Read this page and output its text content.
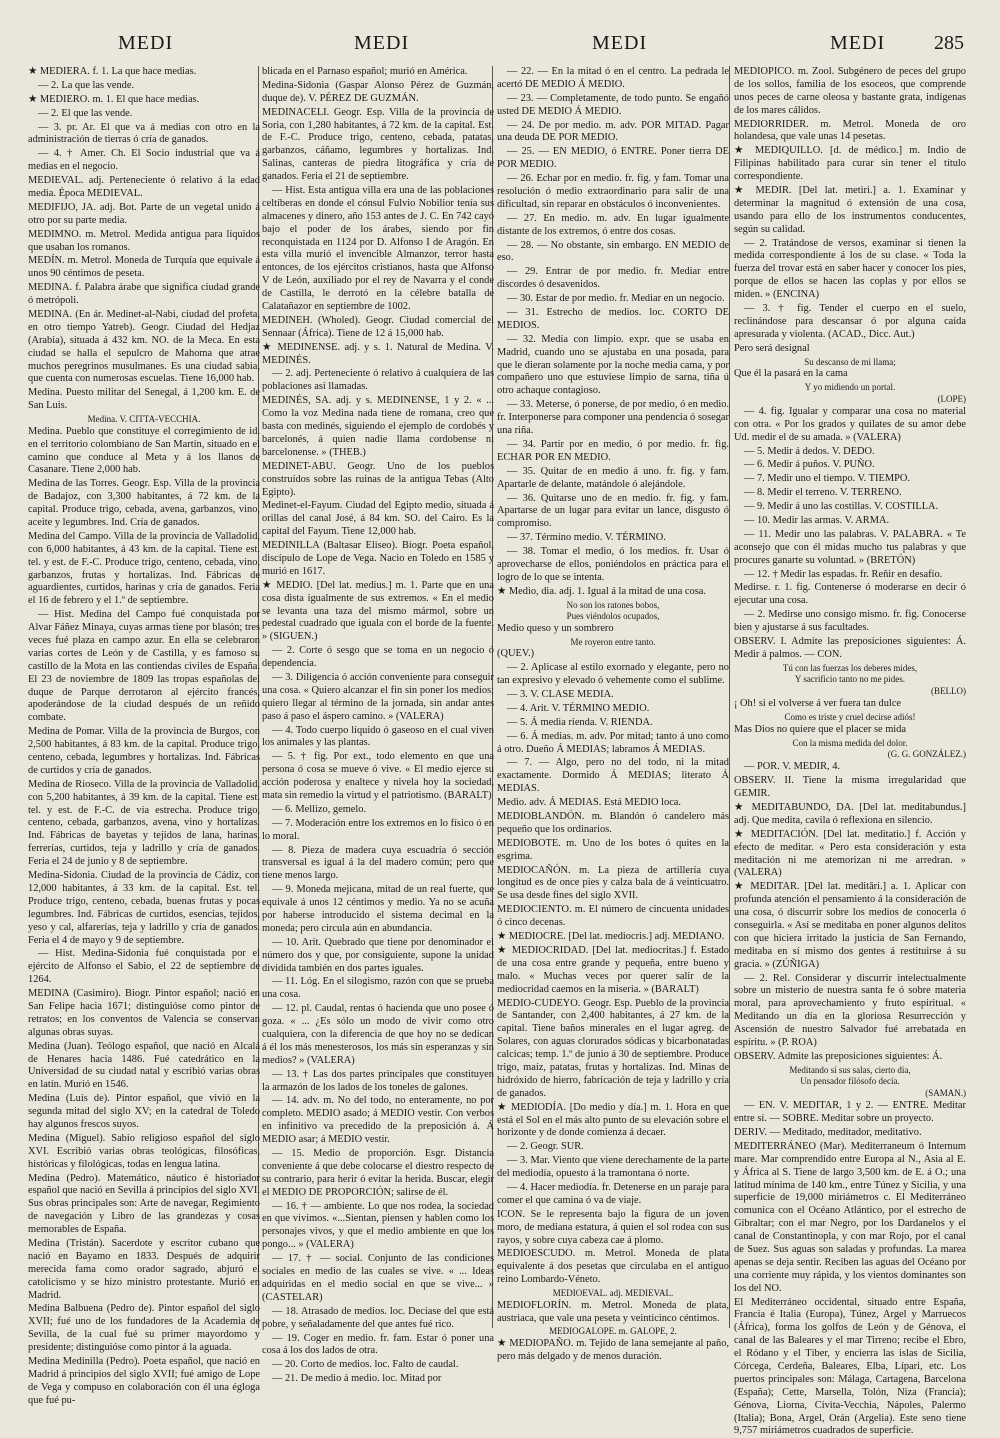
MEDI	MEDI	MEDI	MEDI 285

★ MEDIERA. f. 1. La que hace medias.

— 2. La que las vende.

★ MEDIERO. m. 1. El que hace medias.

— 2. El que las vende.

— 3. pr. Ar. El que va á medias con otro en la administración de tierras ó cría de ganados.

— 4. † Amer. Ch. El Socio industrial que va á medias en el negocio.

MEDIEVAL. adj. Perteneciente ó relativo á la edad media. Época MEDIEVAL.

MEDIFIJO, JA. adj. Bot. Parte de un vegetal unido á otro por su parte media.

MEDIMNO. m. Metrol. Medida antigua para líquidos que usaban los romanos.

MEDÍN. m. Metrol. Moneda de Turquía que equivale á unos 90 céntimos de peseta.

MEDINA. f. Palabra árabe que significa ciudad grande ó metrópoli.

MEDINA. (En ár. Medinet-al-Nabi, ciudad del profeta, en otro tiempo Yatreb). Geogr. Ciudad del Hedjaz (Arabia), situada á 432 km. NO. de la Meca. En esta ciudad se halla el sepulcro de Mahoma que atrae muchos peregrinos musulmanes. Es una ciudad sabia, que cuenta con numerosas escuelas. Tiene 16,000 hab.

Medina. Puesto militar del Senegal, á 1,200 km. E. de San Luis.

Medina. V. CITTA-VECCHIA.

Medina. Pueblo que constituye el corregimiento de id. en el territorio colombiano de San Martín, situado en el camino que conduce al Meta y á los llanos de Casanare. Tiene 2,000 hab.

Medina de las Torres. Geogr. Esp. Villa de la provincia de Badajoz, con 3,300 habitantes, á 72 km. de la capital. Produce trigo, cebada, avena, garbanzos, vino, aceite y legumbres. Ind. Cría de ganados.

Medina del Campo. Villa de la provincia de Valladolid, con 6,000 habitantes, á 43 km. de la capital. Tiene est. tel. y est. de F.-C. Produce trigo, centeno, cebada, vino, garbanzos, frutas y hortalizas. Ind. Fábricas de aguardientes, curtidos, harinas y cría de ganados. Feria el 16 de febrero y el 1.º de septiembre.

— Hist. Medina del Campo fué conquistada por Alvar Fáñez Minaya, cuyas armas tiene por blasón; tres veces fué plaza en campo azur. En ella se celebraron varias cortes de León y de Castilla, y es famoso su castillo de la Mota en las contiendas civiles de España. El 23 de noviembre de 1809 las tropas españolas del duque de Parque derrotaron al ejército francés, apoderándose de la ciudad después de un reñido combate.

Medina de Pomar. Villa de la provincia de Burgos, con 2,500 habitantes, á 83 km. de la capital. Produce trigo, centeno, cebada, legumbres y hortalizas. Ind. Fábricas de curtidos y cría de ganados.

Medina de Rioseco. Villa de la provincia de Valladolid, con 5,200 habitantes, á 39 km. de la capital. Tiene est. tel. y est. de F.-C. de vía estrecha. Produce trigo, centeno, cebada, garbanzos, avena, vino y hortalizas. Ind. Fábricas de bayetas y tejidos de lana, harinas, ferrerías, curtidos, teja y ladrillo y cría de ganados. Feria el 24 de junio y 8 de septiembre.

Medina-Sidonia. Ciudad de la provincia de Cádiz, con 12,000 habitantes, á 33 km. de la capital. Est. tel. Produce trigo, centeno, cebada, buenas frutas y pocas legumbres. Ind. Fábricas de curtidos, esencias, tejidos, yeso y cal, alfarerías, teja y ladrillo y cría de ganados. Feria el 4 de mayo y 9 de septiembre.

— Hist. Medina-Sidonia fué conquistada por el ejército de Alfonso el Sabio, el 22 de septiembre de 1264.

MEDINA (Casimiro). Biogr. Pintor español; nació en San Felipe hacia 1671; distinguióse como pintor de retratos; en los conventos de Valencia se conservan algunas obras suyas.

Medina (Juan). Teólogo español, que nació en Alcalá de Henares hacia 1486. Fué catedrático en la Universidad de su ciudad natal y escribió varias obras en latín. Murió en 1546.

Medina (Luis de). Pintor español, que vivió en la segunda mitad del siglo XV; en la catedral de Toledo hay algunos frescos suyos.

Medina (Miguel). Sabio religioso español del siglo XVI. Escribió varias obras teológicas, filosóficas, históricas y filológicas, todas en lengua latina.

Medina (Pedro). Matemático, náutico é historiador español que nació en Sevilla á principios del siglo XVI. Sus obras principales son: Arte de navegar, Regimiento de navegación y Libro de las grandezas y cosas memorables de España.

Medina (Tristán). Sacerdote y escritor cubano que nació en Bayamo en 1833. Después de adquirir merecida fama como orador sagrado, abjuró el catolicismo y se hizo ministro protestante. Murió en Madrid.

Medina Balbuena (Pedro de). Pintor español del siglo XVII; fué uno de los fundadores de la Academia de Sevilla, de la cual fué su primer mayordomo y presidente; distinguióse como pintor á la aguada.

Medina Medinilla (Pedro). Poeta español, que nació en Madrid á principios del siglo XVII; fué amigo de Lope de Vega y compuso en colaboración con él una égloga que fué pu-

blicada en el Parnaso español; murió en América.

Medina-Sidonia (Gaspar Alonso Pérez de Guzmán, duque de). V. PÉREZ DE GUZMÁN.

MEDINACELI. Geogr. Esp. Villa de la provincia de Soria, con 1,280 habitantes, á 72 km. de la capital. Est. de F.-C. Produce trigo, centeno, cebada, patatas, garbanzos, cáñamo, legumbres y hortalizas. Ind. Salinas, canteras de piedra litográfica y cría de ganados. Feria el 21 de septiembre.

— Hist. Esta antigua villa era una de las poblaciones celtíberas en donde el cónsul Fulvio Nobilior tenía sus almacenes y dinero, año 153 antes de J. C. En 742 cayó bajo el poder de los árabes, siendo por fin reconquistada en 1124 por D. Alfonso I de Aragón. En esta villa murió el invencible Almanzor, terror hasta entonces, de los ejércitos cristianos, hasta que Alfonso V de León, auxiliado por el rey de Navarra y el conde de Castilla, le derrotó en la célebre batalla de Calatañazor en septiembre de 1002.

MEDINEH. (Wholed). Geogr. Ciudad comercial del Sennaar (África). Tiene de 12 á 15,000 hab.

★ MEDINENSE. adj. y s. 1. Natural de Medina. V. MEDINÉS.

— 2. adj. Perteneciente ó relativo á cualquiera de las poblaciones así llamadas.

MEDINÉS, SA. adj. y s. MEDINENSE, 1 y 2. « ... Como la voz Medina nada tiene de romana, creo que basta con medinés, siguiendo el ejemplo de cordobés y barcelonés, á quien nadie llama cordobense ni barcelonense. » (THEB.)

MEDINET-ABU. Geogr. Uno de los pueblos construídos sobre las ruinas de la antigua Tebas (Alto Egipto).

Medinet-el-Fayum. Ciudad del Egipto medio, situada á orillas del canal José, á 84 km. SO. del Cairo. Es la capital del Fayum. Tiene 12,000 hab.

MEDINILLA (Baltasar Eliseo). Biogr. Poeta español, discípulo de Lope de Vega. Nacio en Toledo en 1585 y murió en 1617.

★ MEDIO. [Del lat. medius.] m. 1. Parte que en una cosa dista igualmente de sus extremos. « En el medio se levanta una taza del mismo mármol, sobre un pedestal cuadrado que iguala con el borde de la fuente. » (SIGUEN.)

— 2. Corte ó sesgo que se toma en un negocio ó dependencia.

— 3. Diligencia ó acción conveniente para conseguir una cosa. « Quiero alcanzar el fin sin poner los medios; quiero llegar al término de la jornada, sin andar antes paso á paso el áspero camino. » (VALERA)

— 4. Todo cuerpo líquido ó gaseoso en el cual viven los animales y las plantas.

— 5. † fig. Por ext., todo elemento en que una persona ó cosa se mueve ó vive. « El medio ejerce su acción poderosa y enaltece y nivela hoy la sociedad, mata sin remedio la virtud y el patriotismo. (BARALT)

— 6. Mellizo, gemelo.

— 7. Moderación entre los extremos en lo físico ó en lo moral.

— 8. Pieza de madera cuya escuadría ó sección transversal es igual á la del madero común; pero que tiene menos largo.

— 9. Moneda mejicana, mitad de un real fuerte, que equivale á unos 12 céntimos y medio. Ya no se acuña por haberse introducido el sistema decimal en la moneda; pero circula aún en abundancia.

— 10. Arit. Quebrado que tiene por denominador el número dos y que, por consiguiente, supone la unidad dividida también en dos partes iguales.

— 11. Lóg. En el silogismo, razón con que se prueba una cosa.

— 12. pl. Caudal, rentas ó hacienda que uno posee ó goza. « ... ¿Es sólo un modo de vivir como otro cualquiera, con la diferencia de que hoy no se dedican á él los más menesterosos, los más sin esperanzas y sin medios? » (VALERA)

— 13. † Las dos partes principales que constituyen la armazón de los lados de los toneles de galones.

— 14. adv. m. No del todo, no enteramente, no por completo. MEDIO asado; á MEDIO vestir. Con verbos en infinitivo va precedido de la preposición á. Á MEDIO asar; á MEDIO vestir.

— 15. Medio de proporción. Esgr. Distancia conveniente á que debe colocarse el diestro respecto de su contrario, para herir ó evitar la herida. Buscar, elegir el MEDIO DE PROPORCIÓN; salirse de él.

— 16. † — ambiente. Lo que nos rodea, la sociedad en que vivimos. «...Sientan, piensen y hablen como los personajes vivos, y que el medio ambiente en que los pongo... » (VALERA)

— 17. † — social. Conjunto de las condiciones sociales en medio de las cuales se vive. « ... Ideas adquiridas en el medio social en que se vive... » (CASTELAR)

— 18. Atrasado de medios. loc. Decíase del que está pobre, y señaladamente del que antes fué rico.

— 19. Coger en medio. fr. fam. Estar ó poner una cosa á los dos lados de otra.

— 20. Corto de medios. loc. Falto de caudal.

— 21. De medio á medio. loc. Mitad por

— 22. — En la mitad ó en el centro. La pedrada le acertó DE MEDIO Á MEDIO.

— 23. — Completamente, de todo punto. Se engañó usted DE MEDIO Á MEDIO.

— 24. De por medio. m. adv. POR MITAD. Pagar una deuda DE POR MEDIO.

— 25. — EN MEDIO, ó ENTRE. Poner tierra DE POR MEDIO.

— 26. Echar por en medio. fr. fig. y fam. Tomar una resolución ó medio extraordinario para salir de una dificultad, sin reparar en obstáculos ó inconvenientes.

— 27. En medio. m. adv. En lugar igualmente distante de los extremos, ó entre dos cosas.

— 28. — No obstante, sin embargo. EN MEDIO de eso.

— 29. Entrar de por medio. fr. Mediar entre discordes ó desavenidos.

— 30. Estar de por medio. fr. Mediar en un negocio.

— 31. Estrecho de medios. loc. CORTO DE MEDIOS.

— 32. Media con limpio. expr. que se usaba en Madrid, cuando uno se ajustaba en una posada, para que le dieran solamente por la noche media cama, y por compañero uno que estuviese limpio de sarna, tiña ú otro achaque contagioso.

— 33. Meterse, ó ponerse, de por medio, ó en medio. fr. Interponerse para componer una pendencia ó sosegar una riña.

— 34. Partir por en medio, ó por medio. fr. fig. ECHAR POR EN MEDIO.

— 35. Quitar de en medio á uno. fr. fig. y fam. Apartarle de delante, matándole ó alejándole.

— 36. Quitarse uno de en medio. fr. fig. y fam. Apartarse de un lugar para evitar un lance, disgusto ó compromiso.

— 37. Término medio. V. TÉRMINO.

— 38. Tomar el medio, ó los medios. fr. Usar ó aprovecharse de ellos, poniéndolos en práctica para el logro de lo que se intenta.

★ Medio, dia. adj. 1. Igual á la mitad de una cosa.

No son los ratones bobos,

Pues viéndolos ocupados,

Medio queso y un sombrero

Me royeron entre tanto.

(QUEV.)

— 2. Aplicase al estilo exornado y elegante, pero no tan expresivo y elevado ó vehemente como el sublime.

— 3. V. CLASE MEDIA.

— 4. Arit. V. TÉRMINO MEDIO.

— 5. Á media rienda. V. RIENDA.

— 6. Á medias. m. adv. Por mitad; tanto á uno como á otro. Dueño Á MEDIAS; labramos Á MEDIAS.

— 7. — Algo, pero no del todo, ni la mitad exactamente. Dormido Á MEDIAS; literato Á MEDIAS.

Medio. adv. Á MEDIAS. Está MEDIO loca.

MEDIOBLANDÓN. m. Blandón ó candelero más pequeño que los ordinarios.

MEDIOBOTE. m. Uno de los botes ó quites en la esgrima.

MEDIOCAÑÓN. m. La pieza de artillería cuya longitud es de once pies y calza bala de á veinticuatro. Se usa desde fines del siglo XVII.

MEDIOCIENTO. m. El número de cincuenta unidades ó cinco decenas.

★ MEDIOCRE. [Del lat. mediocris.] adj. MEDIANO.

★ MEDIOCRIDAD. [Del lat. mediocritas.] f. Estado de una cosa entre grande y pequeña, entre bueno y malo. « Muchas veces por querer salir de la mediocridad caemos en la miseria. » (BARALT)

MEDIO-CUDEYO. Geogr. Esp. Pueblo de la provincia de Santander, con 2,400 habitantes, á 27 km. de la capital. Tiene baños minerales en el lugar agreg. de Solares, con aguas clorurados sódicas y bicarbonatadas calcicas; temp. 1.º de junio á 30 de septiembre. Produce trigo, maíz, patatas, frutas y hortalizas. Ind. Minas de hidróxido de hierro, fabricación de teja y ladrillo y cría de ganados.

★ MEDIODÍA. [Do medio y día.] m. 1. Hora en que está el Sol en el más alto punto de su elevación sobre el horizonte y de donde comienza á decaer.

— 2. Geogr. SUR.

— 3. Mar. Viento que viene derechamente de la parte del mediodía, opuesto á la tramontana ó norte.

— 4. Hacer mediodía. fr. Detenerse en un paraje para comer el que camina ó va de viaje.

ICON. Se le representa bajo la figura de un joven moro, de mediana estatura, á quien el sol rodea con sus rayos, y sobre cuya cabeza cae á plomo.

MEDIOESCUDO. m. Metrol. Moneda de plata equivalente á dos pesetas que circulaba en el antiguo reino Lombardo-Véneto.

MEDIOEVAL. adj. MEDIEVAL.

MEDIOFLORÍN. m. Metrol. Moneda de plata, austriaca, que vale una peseta y veinticinco céntimos.

MEDIOGALOPE. m. GALOPE, 2.

★ MEDIOPAÑO. m. Tejido de lana semejante al paño, pero más delgado y de menos duración.

MEDIOPICO. m. Zool. Subgénero de peces del grupo de los sollos, familia de los esoceos, que comprende unos peces de carne oleosa y bastante grata, indígenas de los mares cálidos.

MEDIORRIDER. m. Metrol. Moneda de oro holandesa, que vale unas 14 pesetas.

★ MEDIQUILLO. [d. de médico.] m. Indio de Filipinas habilitado para curar sin tener el título correspondiente.

★ MEDIR. [Del lat. metiri.] a. 1. Examinar y determinar la magnitud ó extensión de una cosa, usando para ello de los instrumentos conducentes, según su calidad.

— 2. Tratándose de versos, examinar si tienen la medida correspondiente á los de su clase. « Toda la fuerza del trovar está en saber hacer y conocer los pies, porque de ellos se hacen las coplas y por ellos se miden. » (ENCINA)

— 3. † fig. Tender el cuerpo en el suelo, reclinándose para descansar ó por alguna caída apresurada y violenta. (ACAD., Dicc. Aut.)

Pero será designal

Su descanso de mi llama;

Que él la pasará en la cama

Y yo midiendo un portal.

(LOPE)

— 4. fig. Igualar y comparar una cosa no material con otra. « Por los grados y quilates de su amor debe Ud. medir el de su amada. » (VALERA)

— 5. Medir á dedos. V. DEDO.

— 6. Medir á puños. V. PUÑO.

— 7. Medir uno el tiempo. V. TIEMPO.

— 8. Medir el terreno. V. TERRENO.

— 9. Medir á uno las costillas. V. COSTILLA.

— 10. Medir las armas. V. ARMA.

— 11. Medir uno las palabras. V. PALABRA. « Te aconsejo que con él midas mucho tus palabras y que procures ganarte su voluntad. » (BRETÓN)

— 12. † Medir las espadas. fr. Reñir en desafío.

Medirse. r. 1. fig. Contenerse ó moderarse en decir ó ejecutar una cosa.

— 2. Medirse uno consigo mismo. fr. fig. Conocerse bien y ajustarse á sus facultades.

OBSERV. I. Admite las preposiciones siguientes: Á. Medir á palmos. — CON.

Tú con las fuerzas los deberes mides,

Y sacrificio tanto no me pides.

(BELLO)

¡ Oh! si el volverse á ver fuera tan dulce

Como es triste y cruel decirse adiós!

Mas Dios no quiere que el placer se mida

Con la misma medida del dolor.

(G. G. GONZÁLEZ.)

— POR. V. MEDIR, 4.

OBSERV. II. Tiene la misma irregularidad que GEMIR.

★ MEDITABUNDO, DA. [Del lat. meditabundus.] adj. Que medita, cavila ó reflexiona en silencio.

★ MEDITACIÓN. [Del lat. meditatio.] f. Acción y efecto de meditar. « Pero esta consideración y esta meditación ni me atemorizan ni me arredran. » (VALERA)

★ MEDITAR. [Del lat. meditāri.] a. 1. Aplicar con profunda atención el pensamiento á la consideración de una cosa, ó discurrir sobre los medios de conocerla ó conseguirla. « Así se meditaba en poner algunos delitos con que hiciera irritado la justicia de San Fernando, meditaba en sí mismo dos gentes á restituirse á su gracia. » (ZÚÑIGA)

— 2. Rel. Considerar y discurrir intelectualmente sobre un misterio de nuestra santa fe ó sobre materia moral, para aprovechamiento y fruto espiritual. « Meditando un día en la gloriosa Resurrección y Ascensión de nuestro Salvador fué arrebatada en espíritu. » (P. ROA)

OBSERV. Admite las preposiciones siguientes: Á.

Meditando sí sus salas, cierto día,

Un pensador filósofo decía.

(SAMAN.)

— EN. V. MEDITAR, 1 y 2. — ENTRE. Meditar entre sí. — SOBRE. Meditar sobre un proyecto.

DERIV. — Meditado, meditador, meditativo.

MEDITERRÁNEO (Mar). Mediterraneum ó Internum mare. Mar comprendido entre Europa al N., Asia al E. y África al S. Tiene de largo 3,500 km. de E. á O.; una latitud mínima de 140 km., entre Túnez y Sicilia, y una superficie de 19,000 miriámetros c. El Mediterráneo comunica con el Océano Atlántico, por el estrecho de Gibraltar; con el mar Negro, por los Dardanelos y el canal de Constantinopla, y con mar Rojo, por el canal de Suez. Sus aguas son saladas y profundas. La marea apenas se deja sentir. Reciben las aguas del Océano por una corriente muy rápida, y los vientos dominantes son los del NO.

El Mediterráneo occidental, situado entre España, Francia é Italia (Europa), Túnez, Argel y Marruecos (África), forma los golfos de León y de Génova, el canal de las Baleares y el mar Tirreno; recibe el Ebro, el Ródano y el Tíber, y encierra las islas de Sicilia, Córcega, Cerdeña, Baleares, Elba, Lípari, etc. Los puertos principales son: Málaga, Cartagena, Barcelona (España); Cette, Marsella, Tolón, Niza (Francia); Génova, Liorna, Civita-Vecchia, Nápoles, Palermo (Italia); Bona, Argel, Orán (Argelia). Este seno tiene 9,757 miriámetros cuadrados de superficie.
